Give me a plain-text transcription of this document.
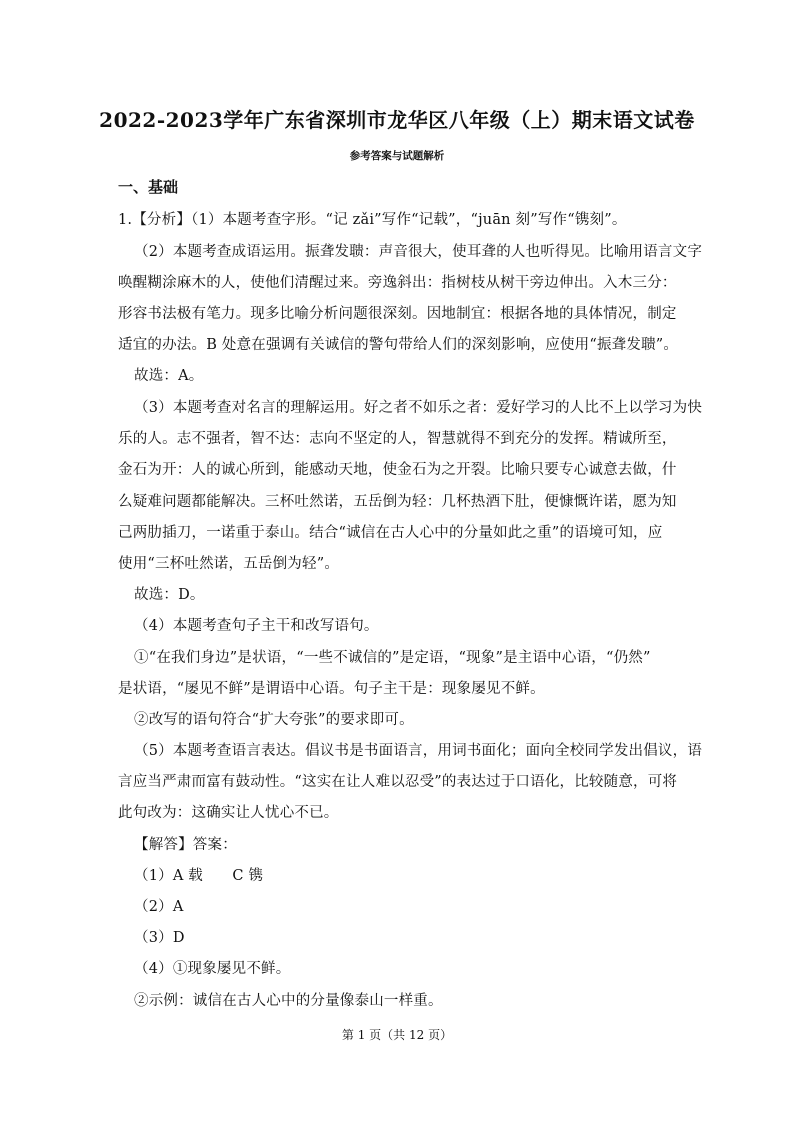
2022-2023学年广东省深圳市龙华区八年级（上）期末语文试卷
参考答案与试题解析
一、基础
1.【分析】（1）本题考查字形。“记 zǎi”写作“记载”，“juān 刻”写作“镌刻”。
（2）本题考查成语运用。振聋发聩：声音很大，使耳聋的人也听得见。比喻用语言文字
唤醒糊涂麻木的人，使他们清醒过来。旁逸斜出：指树枝从树干旁边伸出。入木三分：
形容书法极有笔力。现多比喻分析问题很深刻。因地制宜：根据各地的具体情况，制定
适宜的办法。B 处意在强调有关诚信的警句带给人们的深刻影响，应使用“振聋发聩”。
故选：A。
（3）本题考查对名言的理解运用。好之者不如乐之者：爱好学习的人比不上以学习为快
乐的人。志不强者，智不达：志向不坚定的人，智慧就得不到充分的发挥。精诚所至，
金石为开：人的诚心所到，能感动天地，使金石为之开裂。比喻只要专心诚意去做，什
么疑难问题都能解决。三杯吐然诺，五岳倒为轻：几杯热酒下肚，便慷慨许诺，愿为知
己两肋插刀，一诺重于泰山。结合“诚信在古人心中的分量如此之重”的语境可知，应
使用“三杯吐然诺，五岳倒为轻”。
故选：D。
（4）本题考查句子主干和改写语句。
①“在我们身边”是状语，“一些不诚信的”是定语，“现象”是主语中心语，“仍然”
是状语，“屡见不鲜”是谓语中心语。句子主干是：现象屡见不鲜。
②改写的语句符合“扩大夸张”的要求即可。
（5）本题考查语言表达。倡议书是书面语言，用词书面化；面向全校同学发出倡议，语
言应当严肃而富有鼓动性。“这实在让人难以忍受”的表达过于口语化，比较随意，可将
此句改为：这确实让人忧心不已。
【解答】答案：
（1）A 载　　C 镌
（2）A
（3）D
（4）①现象屡见不鲜。
②示例：诚信在古人心中的分量像泰山一样重。
第 1 页（共 12 页）
